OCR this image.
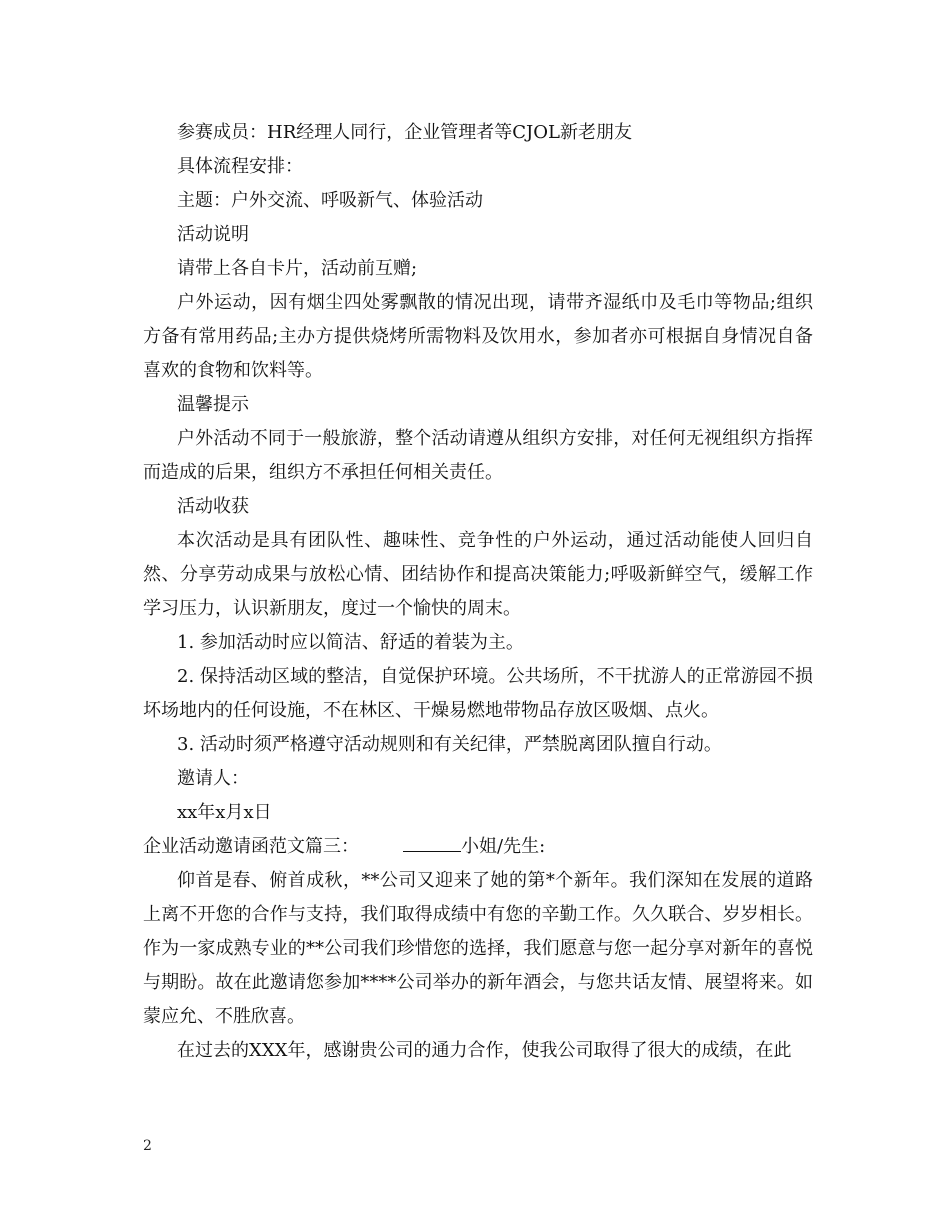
参赛成员：HR经理人同行，企业管理者等CJOL新老朋友

具体流程安排：

主题：户外交流、呼吸新气、体验活动

活动说明

请带上各自卡片，活动前互赠;

户外运动，因有烟尘四处雾飘散的情况出现，请带齐湿纸巾及毛巾等物品;组织方备有常用药品;主办方提供烧烤所需物料及饮用水，参加者亦可根据自身情况自备喜欢的食物和饮料等。

温馨提示

户外活动不同于一般旅游，整个活动请遵从组织方安排，对任何无视组织方指挥而造成的后果，组织方不承担任何相关责任。

活动收获

本次活动是具有团队性、趣味性、竞争性的户外运动，通过活动能使人回归自然、分享劳动成果与放松心情、团结协作和提高决策能力;呼吸新鲜空气，缓解工作学习压力，认识新朋友，度过一个愉快的周末。

1. 参加活动时应以简洁、舒适的着装为主。

2. 保持活动区域的整洁，自觉保护环境。公共场所，不干扰游人的正常游园不损坏场地内的任何设施，不在林区、干燥易燃地带物品存放区吸烟、点火。

3. 活动时须严格遵守活动规则和有关纪律，严禁脱离团队擅自行动。

邀请人：

xx年x月x日

企业活动邀请函范文篇三：	小姐/先生:

仰首是春、俯首成秋，**公司又迎来了她的第*个新年。我们深知在发展的道路上离不开您的合作与支持，我们取得成绩中有您的辛勤工作。久久联合、岁岁相长。作为一家成熟专业的**公司我们珍惜您的选择，我们愿意与您一起分享对新年的喜悦与期盼。故在此邀请您参加****公司举办的新年酒会，与您共话友情、展望将来。如蒙应允、不胜欣喜。

在过去的XXX年，感谢贵公司的通力合作，使我公司取得了很大的成绩，在此

2
